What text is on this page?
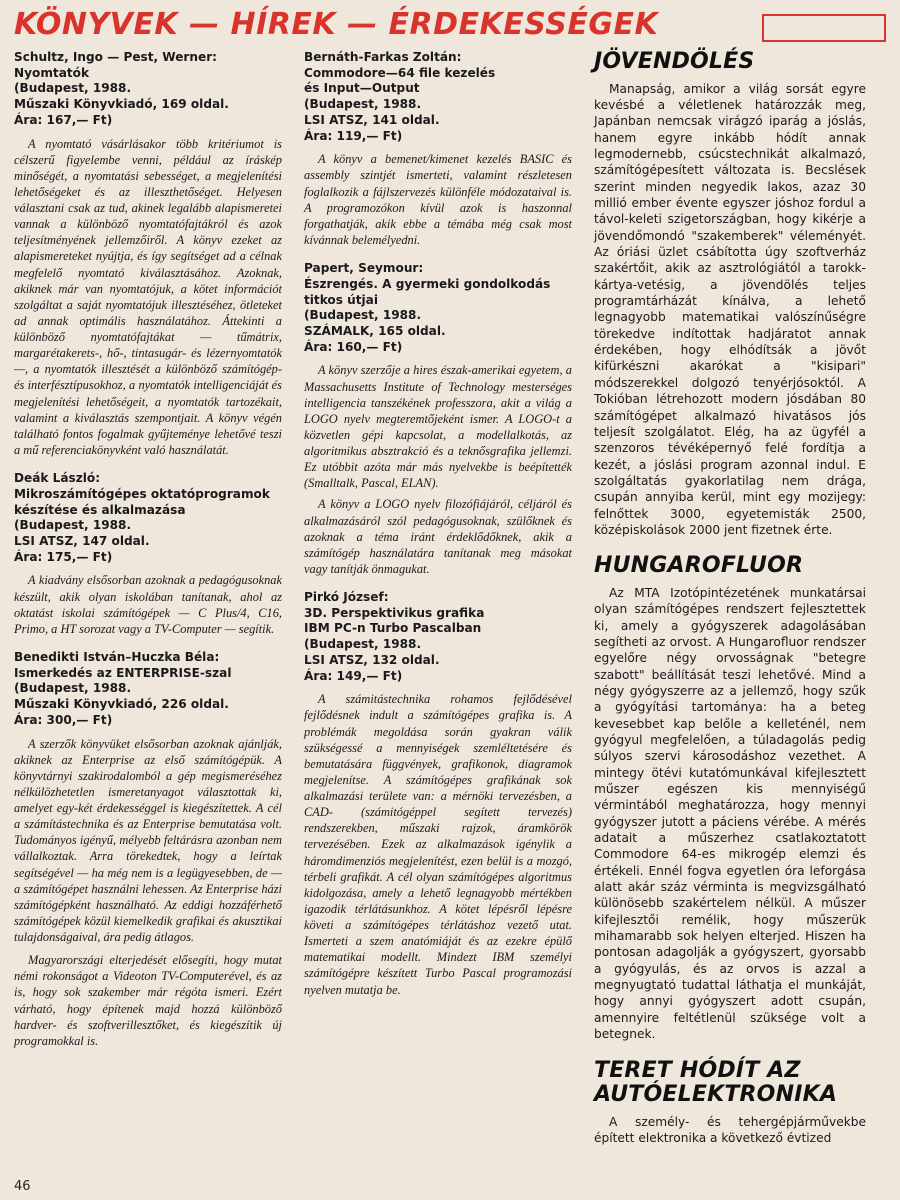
KÖNYVEK — HÍREK — ÉRDEKESSÉGEK
Schultz, Ingo — Pest, Werner:
Nyomtatók
(Budapest, 1988.
Műszaki Könyvkiadó, 169 oldal.
Ára: 167,— Ft)

A nyomtató vásárlásakor több kritériumot is célszerű figyelembe venni, például az íráskép minőségét, a nyomtatási sebességet, a megjelenítési lehetőségeket és az illeszthetőséget. Helyesen választani csak az tud, akinek legalább alapismeretei vannak a különböző nyomtatófajtákról és azok teljesítményének jellemzőiről. A könyv ezeket az alapismereteket nyújtja, és így segítséget ad a célnak megfelelő nyomtató kiválasztásához. Azoknak, akiknek már van nyomtatójuk, a kötet információt szolgáltat a saját nyomtatójuk illesztéséhez, ötleteket ad annak optimális használatához. Áttekinti a különböző nyomtatófajtákat — tűmátrix, margarétakerets-, hő-, tintasugár- és lézernyomtatók —, a nyomtatók illesztését a különböző számítógép- és interfésztípusokhoz, a nyomtatók intelligenciáját és megjelenítési lehetőségeit, a nyomtatók tartozékait, valamint a kiválasztás szempontjait. A könyv végén található fontos fogalmak gyűjteménye lehetővé teszi a mű referenciakönyvként való használatát.

Deák László:
Mikroszámítógépes oktatóprogramok
készítése és alkalmazása
(Budapest, 1988.
LSI ATSZ, 147 oldal.
Ára: 175,— Ft)

A kiadvány elsősorban azoknak a pedagógusoknak készült, akik olyan iskolában tanítanak, ahol az oktatást iskolai számítógépek — C Plus/4, C16, Primo, a HT sorozat vagy a TV-Computer — segítik.

Benedikti István–Huczka Béla:
Ismerkedés az ENTERPRISE-szal
(Budapest, 1988.
Műszaki Könyvkiadó, 226 oldal.
Ára: 300,— Ft)

A szerzők könyvüket elsősorban azoknak ajánlják, akiknek az Enterprise az első számítógépük. A könyvtárnyi szakirodalomból a gép megismeréséhez nélkülözhetetlen ismeretanyagot választottak ki, amelyet egy-két érdekességgel is kiegészítettek. A cél a számítástechnika és az Enterprise bemutatása volt. Tudományos igényű, mélyebb feltárásra azonban nem vállalkoztak. Arra törekedtek, hogy a leírtak segítségével — ha még nem is a legügyesebben, de — a számítógépet használni lehessen. Az Enterprise házi számítógépként használható. Az eddigi hozzáférhető számítógépek közül kiemelkedik grafikai és akusztikai tulajdonságaival, ára pedig átlagos.

Magyarországi elterjedését elősegíti, hogy mutat némi rokonságot a Videoton TV-Computerével, és az is, hogy sok szakember már régóta ismeri. Ezért várható, hogy építenek majd hozzá különböző hardver- és szoftverillesztőket, és kiegészítik új programokkal is.

Bernáth-Farkas Zoltán:
Commodore—64 file kezelés
és Input—Output
(Budapest, 1988.
LSI ATSZ, 141 oldal.
Ára: 119,— Ft)

A könyv a bemenet/kimenet kezelés BASIC és assembly szintjét ismerteti, valamint részletesen foglalkozik a fájlszervezés különféle módozataival is. A programozókon kívül azok is haszonnal forgathatják, akik ebbe a témába még csak most kívánnak belemélyedni.

Papert, Seymour:
Észrengés. A gyermeki gondolkodás
titkos útjai
(Budapest, 1988.
SZÁMALK, 165 oldal.
Ára: 160,— Ft)

A könyv szerzője a hires észak-amerikai egyetem, a Massachusetts Institute of Technology mesterséges intelligencia tanszékének professzora, akit a világ a LOGO nyelv megteremtőjeként ismer. A LOGO-t a közvetlen gépi kapcsolat, a modellalkotás, az algoritmikus absztrakció és a teknősgrafika jellemzi. Ez utóbbit azóta már más nyelvekbe is beépítették (Smalltalk, Pascal, ELAN).

A könyv a LOGO nyelv filozófiájáról, céljáról és alkalmazásáról szól pedagógusoknak, szülőknek és azoknak a téma iránt érdeklődőknek, akik a számítógép használatára tanítanak meg másokat vagy tanítják önmagukat.

Pirkó József:
3D. Perspektivikus grafika
IBM PC-n Turbo Pascalban
(Budapest, 1988.
LSI ATSZ, 132 oldal.
Ára: 149,— Ft)

A számitástechnika rohamos fejlődésével fejlődésnek indult a számítógépes grafika is. A problémák megoldása során gyakran válik szükségessé a mennyiségek szemléltetésére és bemutatására függvények, grafikonok, diagramok megjelenítse. A számítógépes grafikának sok alkalmazási területe van: a mérnöki tervezésben, a CAD- (számitógéppel segített tervezés) rendszerekben, műszaki rajzok, áramkörök tervezésében. Ezek az alkalmazások igénylik a háromdimenziós megjelenítést, ezen belül is a mozgó, térbeli grafikát. A cél olyan számítógépes algoritmus kidolgozása, amely a lehető legnagyobb mértékben igazodik térlátásunkhoz. A kötet lépésről lépésre követi a számítógépes térlátáshoz vezető utat. Ismerteti a szem anatómiáját és az ezekre épülő matematikai modellt. Mindezt IBM személyi számítógépre készített Turbo Pascal programozási nyelven mutatja be.

JÖVENDÖLÉS

Manapság, amikor a világ sorsát egyre kevésbé a véletlenek határozzák meg, Japánban nemcsak virágzó iparág a jóslás, hanem egyre inkább hódít annak legmodernebb, csúcstechnikát alkalmazó, számítógépesített változata is. Becslések szerint minden negyedik lakos, azaz 30 millió ember évente egyszer jóshoz fordul a távol-keleti szigetországban, hogy kikérje a jövendőmondó "szakemberek" véleményét. Az óriási üzlet csábította úgy szoftverház szakértőit, akik az asztrológiától a tarokk-kártya-vetésig, a jövendölés teljes programtárházát kínálva, a lehető legnagyobb matematikai valószínűségre törekedve indítottak hadjáratot annak érdekében, hogy elhódítsák a jövőt kifürkészni akarókat a "kisipari" módszerekkel dolgozó tenyérjósoktól. A Tokióban létrehozott modern jósdában 80 számítógépet alkalmazó hivatásos jós teljesít szolgálatot. Elég, ha az ügyfél a szenzoros tévéképernyő felé fordítja a kezét, a jóslási program azonnal indul. E szolgáltatás gyakorlatilag nem drága, csupán annyiba kerül, mint egy mozijegy: felnőttek 3000, egyetemisták 2500, középiskolások 2000 jent fizetnek érte.

HUNGAROFLUOR

Az MTA Izotópintézetének munkatársai olyan számítógépes rendszert fejlesztettek ki, amely a gyógyszerek adagolásában segítheti az orvost. A Hungarofluor rendszer egyelőre négy orvosságnak "betegre szabott" beállítását teszi lehetővé. Mind a négy gyógyszerre az a jellemző, hogy szűk a gyógyítási tartománya: ha a beteg kevesebbet kap belőle a kelleténél, nem gyógyul megfelelően, a túladagolás pedig súlyos szervi károsodáshoz vezethet. A mintegy ötévi kutatómunkával kifejlesztett műszer egészen kis mennyiségű vérmintából meghatározza, hogy mennyi gyógyszer jutott a páciens vérébe. A mérés adatait a műszerhez csatlakoztatott Commodore 64-es mikrogép elemzi és értékeli. Ennél fogva egyetlen óra leforgása alatt akár száz vérminta is megvizsgálható különösebb szakértelem nélkül. A műszer kifejlesztői remélik, hogy műszerük mihamarabb sok helyen elterjed. Hiszen ha pontosan adagolják a gyógyszert, gyorsabb a gyógyulás, és az orvos is azzal a megnyugtató tudattal láthatja el munkáját, hogy annyi gyógyszert adott csupán, amennyire feltétlenül szüksége volt a betegnek.

TERET HÓDÍT AZ AUTÓELEKTRONIKA

A személy- és tehergépjárművekbe épített elektronika a következő évtized

46
